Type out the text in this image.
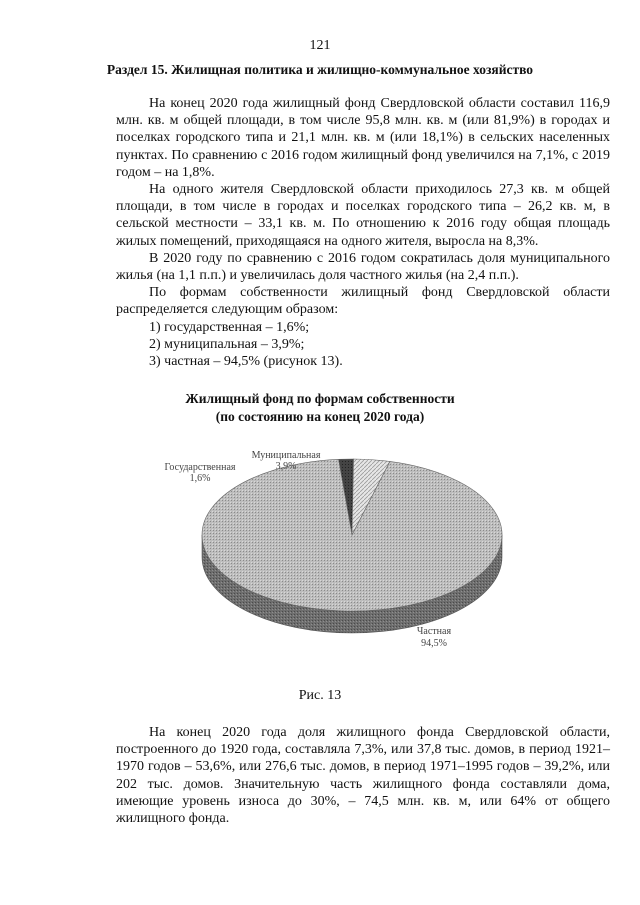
121
Раздел 15. Жилищная политика и жилищно-коммунальное хозяйство

На конец 2020 года жилищный фонд Свердловской области составил 116,9 млн. кв. м общей площади, в том числе 95,8 млн. кв. м (или 81,9%) в городах и поселках городского типа и 21,1 млн. кв. м (или 18,1%) в сельских населенных пунктах. По сравнению с 2016 годом жилищный фонд увеличился на 7,1%, с 2019 годом – на 1,8%.

На одного жителя Свердловской области приходилось 27,3 кв. м общей площади, в том числе в городах и поселках городского типа – 26,2 кв. м, в сельской местности – 33,1 кв. м. По отношению к 2016 году общая площадь жилых помещений, приходящаяся на одного жителя, выросла на 8,3%.

В 2020 году по сравнению с 2016 годом сократилась доля муниципального жилья (на 1,1 п.п.) и увеличилась доля частного жилья (на 2,4 п.п.).

По формам собственности жилищный фонд Свердловской области распределяется следующим образом:

1) государственная – 1,6%;

2) муниципальная – 3,9%;

3) частная – 94,5% (рисунок 13).

Жилищный фонд по формам собственности
(по состоянию на конец 2020 года)
Государственная
1,6%
Муниципальная
3,9%
Частная
94,5%
Рис. 13

На конец 2020 года доля жилищного фонда Свердловской области, построенного до 1920 года, составляла 7,3%, или 37,8 тыс. домов, в период 1921–1970 годов – 53,6%, или 276,6 тыс. домов, в период 1971–1995 годов – 39,2%, или 202 тыс. домов. Значительную часть жилищного фонда составляли дома, имеющие уровень износа до 30%, – 74,5 млн. кв. м, или 64% от общего жилищного фонда.
